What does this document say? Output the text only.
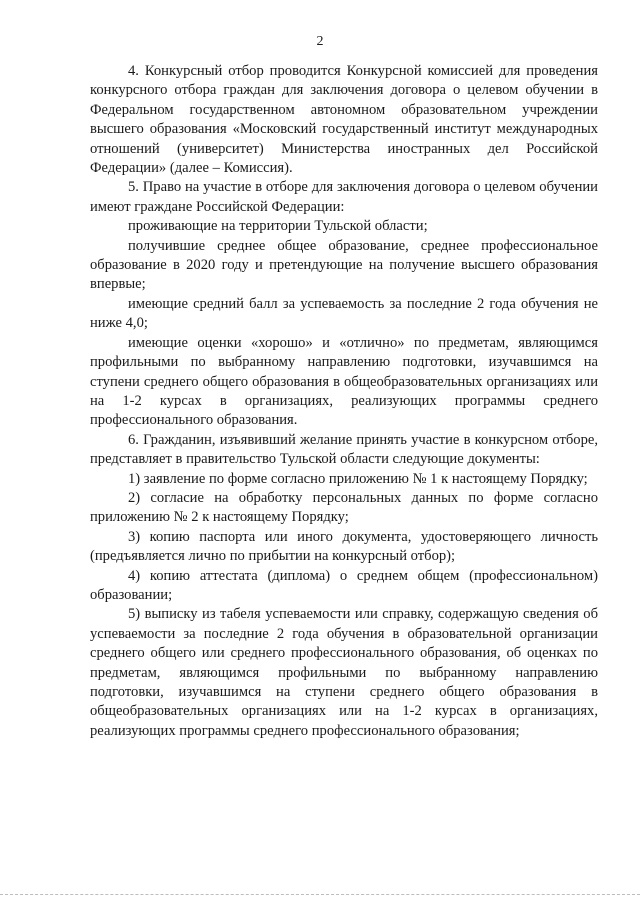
2

4. Конкурсный отбор проводится Конкурсной комиссией для проведения конкурсного отбора граждан для заключения договора о целевом обучении в Федеральном государственном автономном образовательном учреждении высшего образования «Московский государственный институт международных отношений (университет) Министерства иностранных дел Российской Федерации» (далее – Комиссия).

5. Право на участие в отборе для заключения договора о целевом обучении имеют граждане Российской Федерации:

проживающие на территории Тульской области;

получившие среднее общее образование, среднее профессиональное образование в 2020 году и претендующие на получение высшего образования впервые;

имеющие средний балл за успеваемость за последние 2 года обучения не ниже 4,0;

имеющие оценки «хорошо» и «отлично» по предметам, являющимся профильными по выбранному направлению подготовки, изучавшимся на ступени среднего общего образования в общеобразовательных организациях или на 1-2 курсах в организациях, реализующих программы среднего профессионального образования.

6. Гражданин, изъявивший желание принять участие в конкурсном отборе, представляет в правительство Тульской области следующие документы:

1) заявление по форме согласно приложению № 1 к настоящему Порядку;

2) согласие на обработку персональных данных по форме согласно приложению № 2 к настоящему Порядку;

3) копию паспорта или иного документа, удостоверяющего личность (предъявляется лично по прибытии на конкурсный отбор);

4) копию аттестата (диплома) о среднем общем (профессиональном) образовании;

5) выписку из табеля успеваемости или справку, содержащую сведения об успеваемости за последние 2 года обучения в образовательной организации среднего общего или среднего профессионального образования, об оценках по предметам, являющимся профильными по выбранному направлению подготовки, изучавшимся на ступени среднего общего образования в общеобразовательных организациях или на 1-2 курсах в организациях, реализующих программы среднего профессионального образования;
